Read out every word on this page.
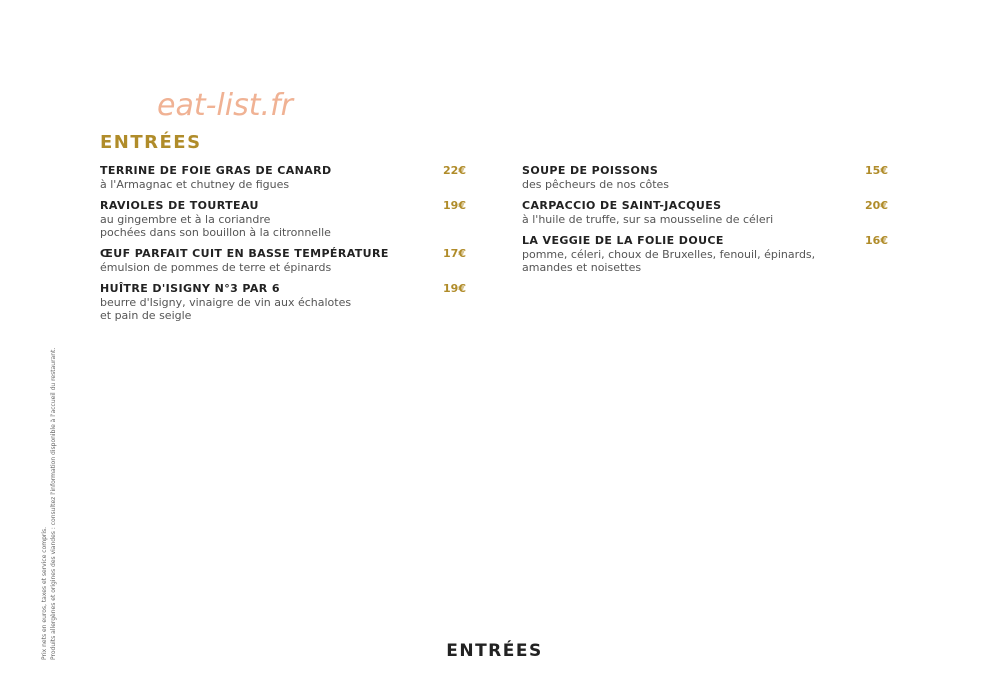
eat-list.fr
ENTRÉES
TERRINE DE FOIE GRAS DE CANARD	22€
à l'Armagnac et chutney de figues
RAVIOLES DE TOURTEAU	19€
au gingembre et à la coriandre
pochées dans son bouillon à la citronnelle
ŒUF PARFAIT CUIT EN BASSE TEMPÉRATURE	17€
émulsion de pommes de terre et épinards
HUÎTRE D'ISIGNY N°3 PAR 6	19€
beurre d'Isigny, vinaigre de vin aux échalotes
et pain de seigle
SOUPE DE POISSONS	15€
des pêcheurs de nos côtes
CARPACCIO DE SAINT-JACQUES	20€
à l'huile de truffe, sur sa mousseline de céleri
LA VEGGIE DE LA FOLIE DOUCE	16€
pomme, céleri, choux de Bruxelles, fenouil, épinards,
amandes et noisettes
Prix nets en euros, taxes et service compris. Produits allergènes et origines des viandes : consultez l'information disponible à l'accueil du restaurant.	ENTRÉES
